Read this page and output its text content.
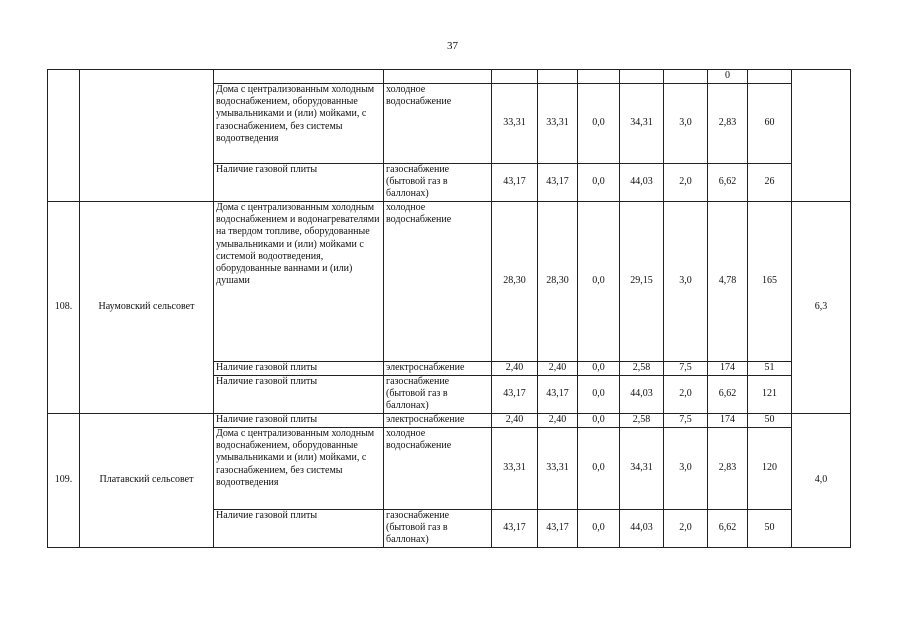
37
									0		
		Дома с централизованным холодным водоснабжением, оборудованные умывальниками и (или) мойками, с газоснабжением, без системы водоотведения	холодное водоснабжение	33,31	33,31	0,0	34,31	3,0	2,83	60	
		Наличие газовой плиты	газоснабжение (бытовой газ в баллонах)	43,17	43,17	0,0	44,03	2,0	6,62	26	
108.	Наумовский сельсовет	Дома с централизованным холодным водоснабжением и водонагревателями на твердом топливе, оборудованные умывальниками и (или) мойками с системой водоотведения, оборудованные ваннами и (или) душами	холодное водоснабжение	28,30	28,30	0,0	29,15	3,0	4,78	165	6,3
		Наличие газовой плиты	электроснабжение	2,40	2,40	0,0	2,58	7,5	174	51	
		Наличие газовой плиты	газоснабжение (бытовой газ в баллонах)	43,17	43,17	0,0	44,03	2,0	6,62	121	
109.	Платавский сельсовет	Наличие газовой плиты	электроснабжение	2,40	2,40	0,0	2,58	7,5	174	50	4,0
		Дома с централизованным холодным водоснабжением, оборудованные умывальниками и (или) мойками, с газоснабжением, без системы водоотведения	холодное водоснабжение	33,31	33,31	0,0	34,31	3,0	2,83	120	
		Наличие газовой плиты	газоснабжение (бытовой газ в баллонах)	43,17	43,17	0,0	44,03	2,0	6,62	50	
